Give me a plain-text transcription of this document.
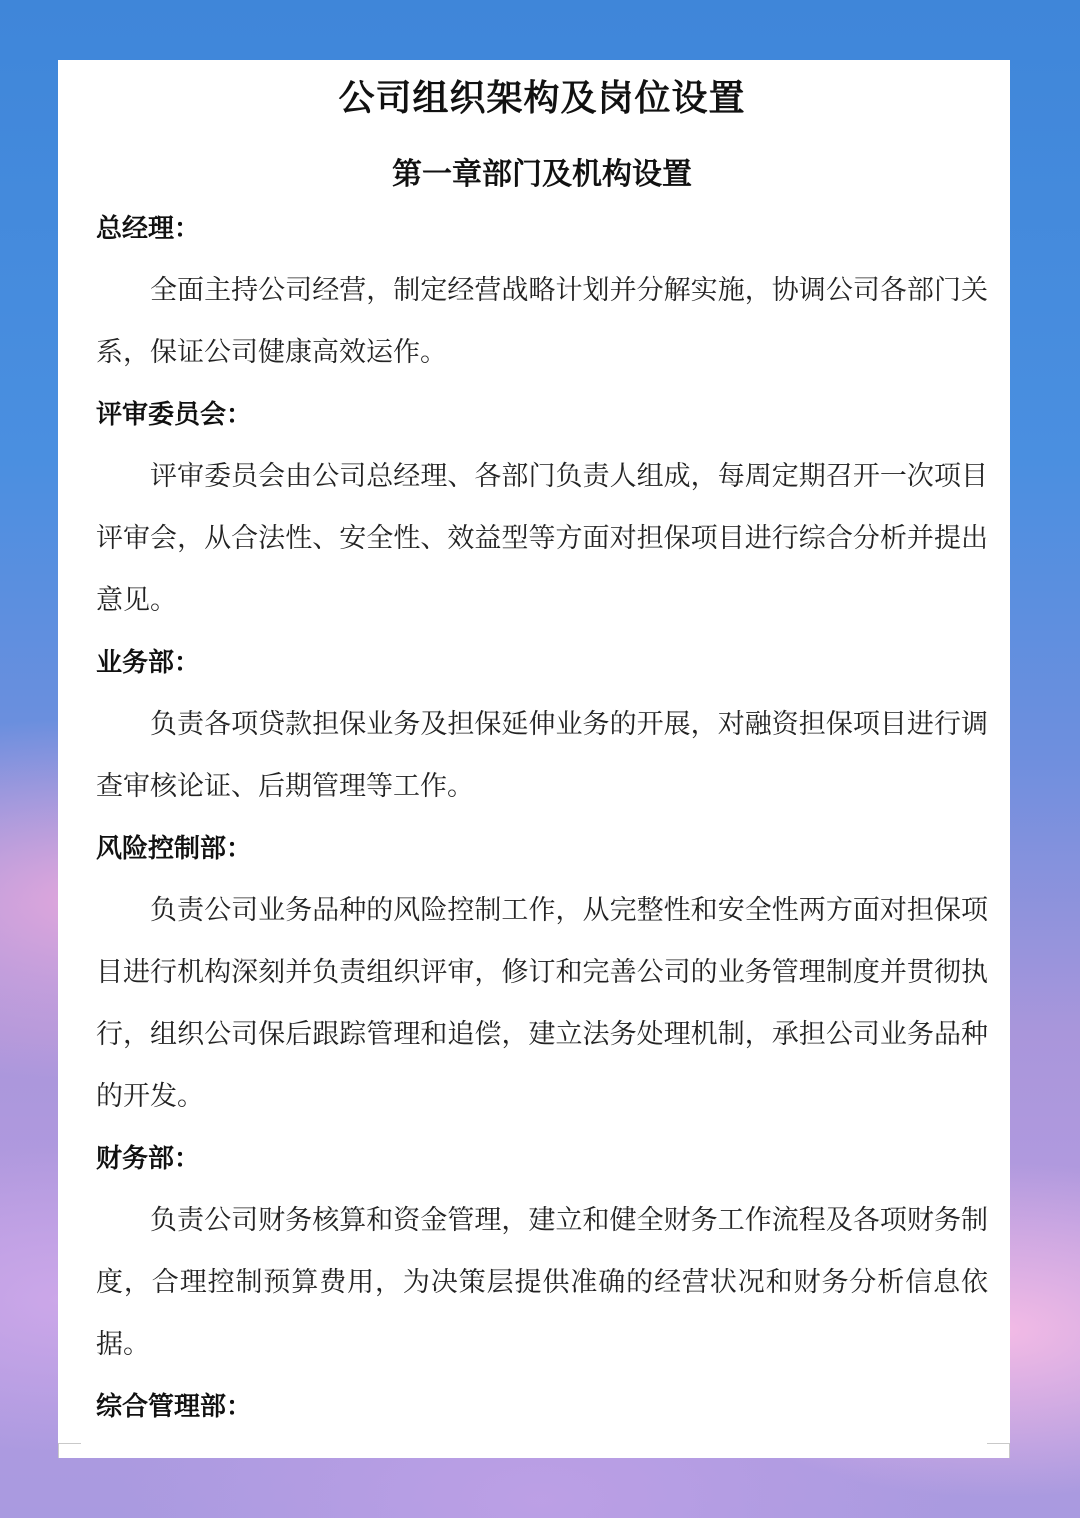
公司组织架构及岗位设置
第一章部门及机构设置
总经理：

全面主持公司经营，制定经营战略计划并分解实施，协调公司各部门关系，保证公司健康高效运作。

评审委员会：

评审委员会由公司总经理、各部门负责人组成，每周定期召开一次项目评审会，从合法性、安全性、效益型等方面对担保项目进行综合分析并提出意见。

业务部：

负责各项贷款担保业务及担保延伸业务的开展，对融资担保项目进行调查审核论证、后期管理等工作。

风险控制部：

负责公司业务品种的风险控制工作，从完整性和安全性两方面对担保项目进行机构深刻并负责组织评审，修订和完善公司的业务管理制度并贯彻执行，组织公司保后跟踪管理和追偿，建立法务处理机制，承担公司业务品种的开发。

财务部：

负责公司财务核算和资金管理，建立和健全财务工作流程及各项财务制度，合理控制预算费用，为决策层提供准确的经营状况和财务分析信息依据。

综合管理部：
